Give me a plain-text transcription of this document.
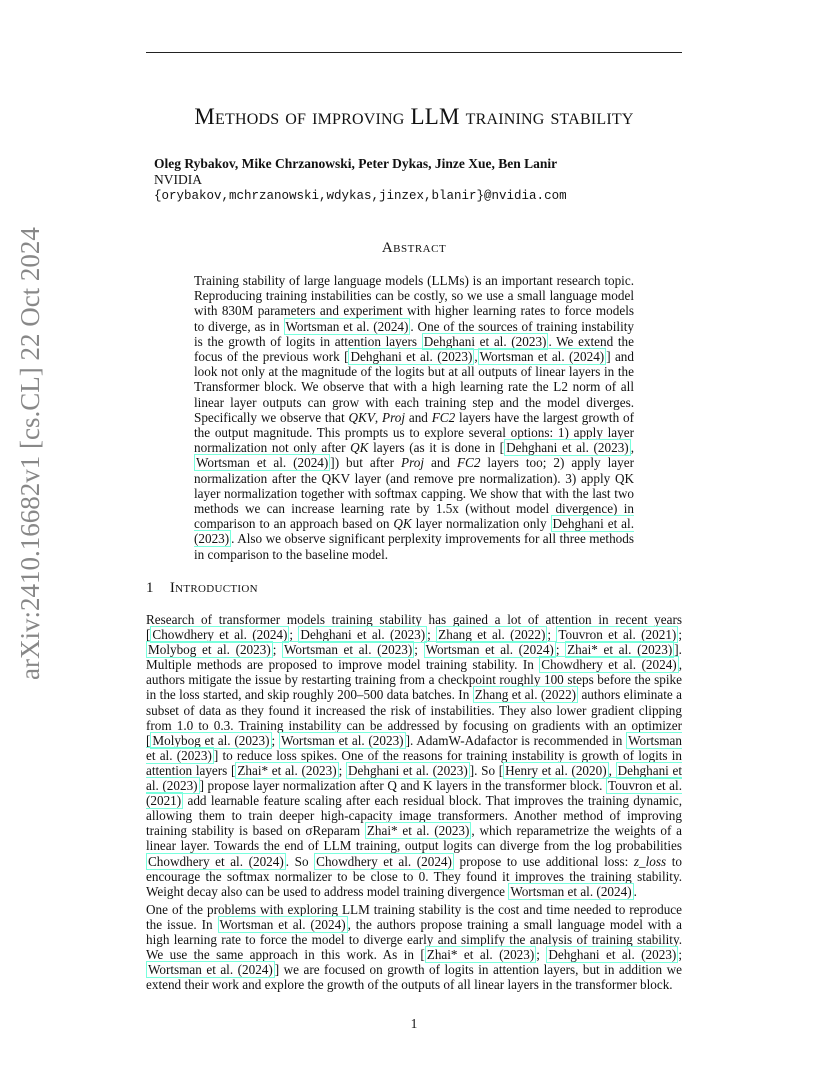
Methods of improving LLM training stability
Oleg Rybakov, Mike Chrzanowski, Peter Dykas, Jinze Xue, Ben Lanir
NVIDIA
{orybakov,mchrzanowski,wdykas,jinzex,blanir}@nvidia.com
arXiv:2410.16682v1 [cs.CL] 22 Oct 2024	Abstract

Training stability of large language models (LLMs) is an important research topic. Reproducing training instabilities can be costly, so we use a small language model with 830M parameters and experiment with higher learning rates to force models to diverge, as in Wortsman et al. (2024) . One of the sources of training instability is the growth of logits in attention layers Dehghani et al. (2023) . We extend the focus of the previous work [ Dehghani et al. (2023) , Wortsman et al. (2024) ] and look not only at the magnitude of the logits but at all outputs of linear layers in the Transformer block. We observe that with a high learning rate the L2 norm of all linear layer outputs can grow with each training step and the model diverges. Specifically we observe that QKV, Proj and FC2 layers have the largest growth of the output magnitude. This prompts us to explore several options: 1) apply layer normalization not only after QK layers (as it is done in [ Dehghani et al. (2023) , Wortsman et al. (2024) ]) but after Proj and FC2 layers too; 2) apply layer normalization after the QKV layer (and remove pre normalization). 3) apply QK layer normalization together with softmax capping. We show that with the last two methods we can increase learning rate by 1.5x (without model divergence) in comparison to an approach based on QK layer normalization only Dehghani et al. (2023) . Also we observe significant perplexity improvements for all three methods in comparison to the baseline model.

1 Introduction

Research of transformer models training stability has gained a lot of attention in recent years [ Chowdhery et al. (2024) ; Dehghani et al. (2023) ; Zhang et al. (2022) ; Touvron et al. (2021) ; Molybog et al. (2023) ; Wortsman et al. (2023) ; Wortsman et al. (2024) ; Zhai* et al. (2023) ]. Multiple methods are proposed to improve model training stability. In Chowdhery et al. (2024) , authors mitigate the issue by restarting training from a checkpoint roughly 100 steps before the spike in the loss started, and skip roughly 200–500 data batches. In Zhang et al. (2022) authors eliminate a subset of data as they found it increased the risk of instabilities. They also lower gradient clipping from 1.0 to 0.3. Training instability can be addressed by focusing on gradients with an optimizer [ Molybog et al. (2023) ; Wortsman et al. (2023) ]. AdamW-Adafactor is recommended in Wortsman et al. (2023) ] to reduce loss spikes. One of the reasons for training instability is growth of logits in attention layers [ Zhai* et al. (2023) ; Dehghani et al. (2023) ]. So [ Henry et al. (2020) , Dehghani et al. (2023) ] propose layer normalization after Q and K layers in the transformer block. Touvron et al. (2021) add learnable feature scaling after each residual block. That improves the training dynamic, allowing them to train deeper high-capacity image transformers. Another method of improving training stability is based on σReparam Zhai* et al. (2023) , which reparametrize the weights of a linear layer. Towards the end of LLM training, output logits can diverge from the log probabilities Chowdhery et al. (2024) . So Chowdhery et al. (2024) propose to use additional loss: z_loss to encourage the softmax normalizer to be close to 0. They found it improves the training stability. Weight decay also can be used to address model training divergence Wortsman et al. (2024) .

One of the problems with exploring LLM training stability is the cost and time needed to reproduce the issue. In Wortsman et al. (2024) , the authors propose training a small language model with a high learning rate to force the model to diverge early and simplify the analysis of training stability. We use the same approach in this work. As in [ Zhai* et al. (2023) ; Dehghani et al. (2023) ; Wortsman et al. (2024) ] we are focused on growth of logits in attention layers, but in addition we extend their work and explore the growth of the outputs of all linear layers in the transformer block.

1
